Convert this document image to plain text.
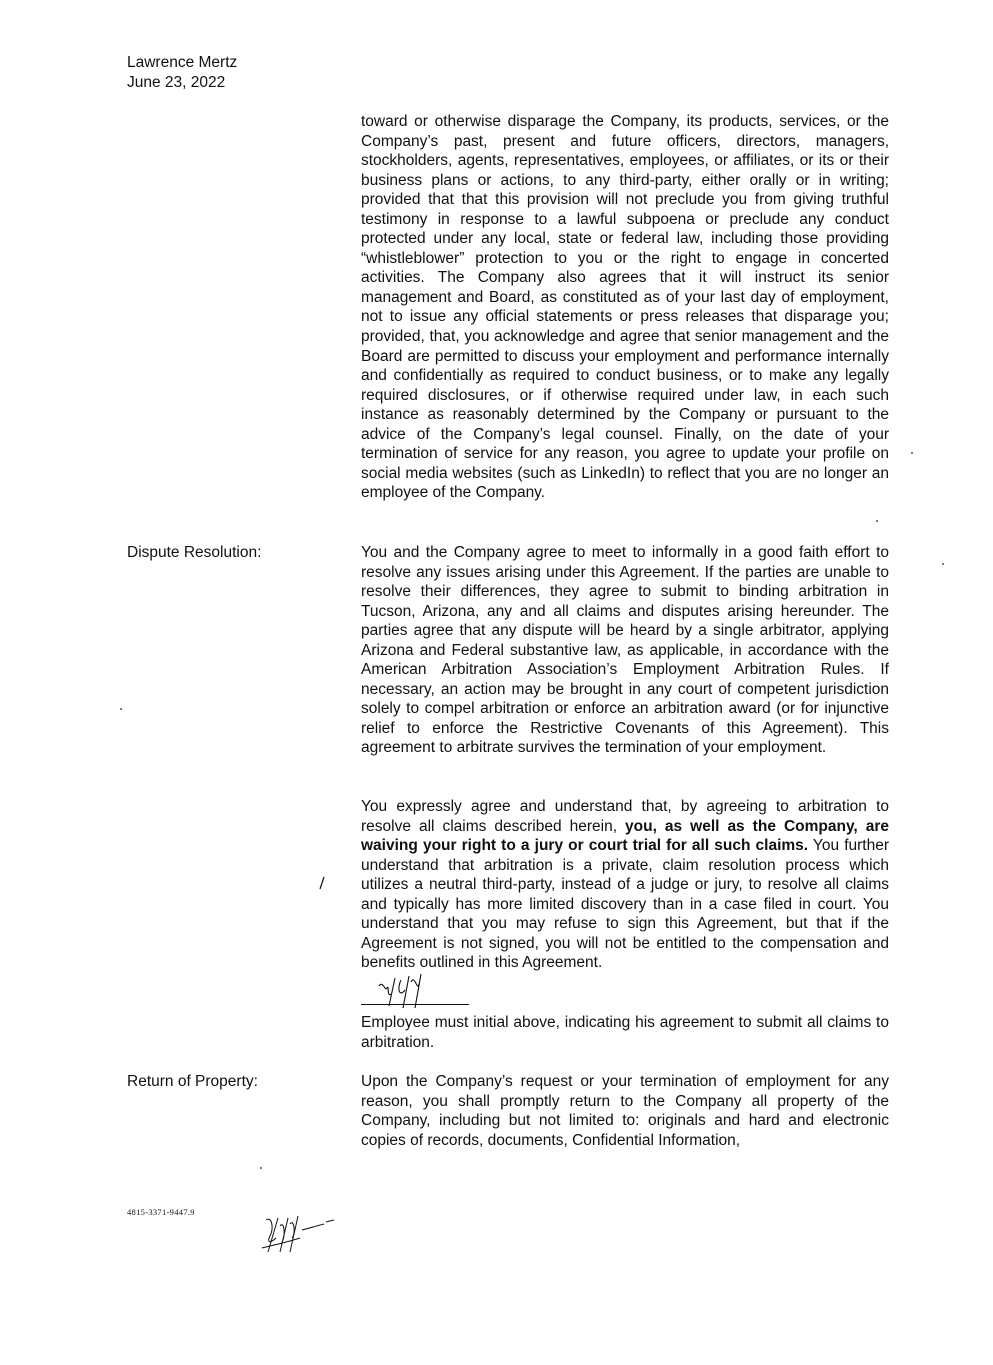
Lawrence Mertz
June 23, 2022

toward or otherwise disparage the Company, its products, services, or the Company’s past, present and future officers, directors, managers, stockholders, agents, representatives, employees, or affiliates, or its or their business plans or actions, to any third-party, either orally or in writing; provided that that this provision will not preclude you from giving truthful testimony in response to a lawful subpoena or preclude any conduct protected under any local, state or federal law, including those providing “whistleblower” protection to you or the right to engage in concerted activities. The Company also agrees that it will instruct its senior management and Board, as constituted as of your last day of employment, not to issue any official statements or press releases that disparage you; provided, that, you acknowledge and agree that senior management and the Board are permitted to discuss your employment and performance internally and confidentially as required to conduct business, or to make any legally required disclosures, or if otherwise required under law, in each such instance as reasonably determined by the Company or pursuant to the advice of the Company’s legal counsel. Finally, on the date of your termination of service for any reason, you agree to update your profile on social media websites (such as LinkedIn) to reflect that you are no longer an employee of the Company.

Dispute Resolution:	You and the Company agree to meet to informally in a good faith effort to resolve any issues arising under this Agreement. If the parties are unable to resolve their differences, they agree to submit to binding arbitration in Tucson, Arizona, any and all claims and disputes arising hereunder. The parties agree that any dispute will be heard by a single arbitrator, applying Arizona and Federal substantive law, as applicable, in accordance with the American Arbitration Association’s Employment Arbitration Rules. If necessary, an action may be brought in any court of competent jurisdiction solely to compel arbitration or enforce an arbitration award (or for injunctive relief to enforce the Restrictive Covenants of this Agreement). This agreement to arbitrate survives the termination of your employment.

You expressly agree and understand that, by agreeing to arbitration to resolve all claims described herein, you, as well as the Company, are waiving your right to a jury or court trial for all such claims. You further understand that arbitration is a private, claim resolution process which utilizes a neutral third-party, instead of a judge or jury, to resolve all claims and typically has more limited discovery than in a case filed in court. You understand that you may refuse to sign this Agreement, but that if the Agreement is not signed, you will not be entitled to the compensation and benefits outlined in this Agreement.

Employee must initial above, indicating his agreement to submit all claims to arbitration.

Return of Property:	Upon the Company’s request or your termination of employment for any reason, you shall promptly return to the Company all property of the Company, including but not limited to: originals and hard and electronic copies of records, documents, Confidential Information,

4815-3371-9447.9
